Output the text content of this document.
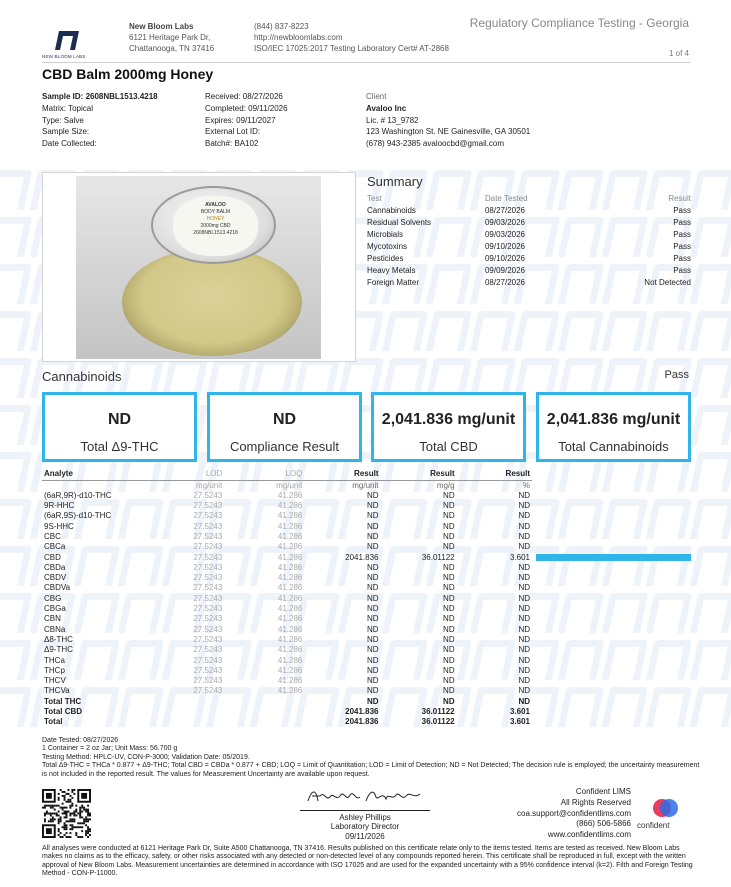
NEW BLOOM LABS
New Bloom Labs
6121 Heritage Park Dr,
Chattanooga, TN 37416
(844) 837-8223
http://newbloomlabs.com
ISO/IEC 17025:2017 Testing Laboratory Cert# AT-2868
Regulatory Compliance Testing - Georgia
1 of 4
CBD Balm 2000mg Honey
Sample ID: 2608NBL1513.4218
Matrix: Topical
Type: Salve
Sample Size:
Date Collected:
Received: 08/27/2026
Completed: 09/11/2026
Expires: 09/11/2027
External Lot ID:
Batch#: BA102
Client
Avaloo Inc
Lic. # 13_9782
123 Washington St. NE Gainesville, GA 30501
(678) 943-2385 avaloocbd@gmail.com
AVALOO
BODY BALM
HONEY
2000mg CBD
2608NBL1513.4218
Summary
Test	Date Tested	Result
Cannabinoids	08/27/2026	Pass
Residual Solvents	09/03/2026	Pass
Microbials	09/03/2026	Pass
Mycotoxins	09/10/2026	Pass
Pesticides	09/10/2026	Pass
Heavy Metals	09/09/2026	Pass
Foreign Matter	08/27/2026	Not Detected
Cannabinoids	Pass
ND
Total Δ9-THC
ND
Compliance Result
2,041.836 mg/unit
Total CBD
2,041.836 mg/unit
Total Cannabinoids
Analyte	LOD	LOQ	Result	Result	Result
	mg/unit	mg/unit	mg/unit	mg/g	%
(6aR,9R)-d10-THC	27.5243	41.286	ND	ND	ND
9R-HHC	27.5243	41.286	ND	ND	ND
(6aR,9S)-d10-THC	27.5243	41.286	ND	ND	ND
9S-HHC	27.5243	41.286	ND	ND	ND
CBC	27.5243	41.286	ND	ND	ND
CBCa	27.5243	41.286	ND	ND	ND
CBD	27.5243	41.286	2041.836	36.01122	3.601
CBDa	27.5243	41.286	ND	ND	ND
CBDV	27.5243	41.286	ND	ND	ND
CBDVa	27.5243	41.286	ND	ND	ND
CBG	27.5243	41.286	ND	ND	ND
CBGa	27.5243	41.286	ND	ND	ND
CBN	27.5243	41.286	ND	ND	ND
CBNa	27.5243	41.286	ND	ND	ND
Δ8-THC	27.5243	41.286	ND	ND	ND
Δ9-THC	27.5243	41.286	ND	ND	ND
THCa	27.5243	41.286	ND	ND	ND
THCp	27.5243	41.286	ND	ND	ND
THCV	27.5243	41.286	ND	ND	ND
THCVa	27.5243	41.286	ND	ND	ND
Total THC			ND	ND	ND
Total CBD			2041.836	36.01122	3.601
Total			2041.836	36.01122	3.601
Date Tested: 08/27/2026
1 Container = 2 oz Jar; Unit Mass: 56.700 g
Testing Method: HPLC-UV, CON-P-3000; Validation Date: 05/2019.
Total Δ9-THC = THCa * 0.877 + Δ9-THC; Total CBD = CBDa * 0.877 + CBD; LOQ = Limit of Quantitation; LOD = Limit of Detection; ND = Not Detected; The decision rule is employed; the uncertainty measurement is not included in the reported result. The values for Measurement Uncertainty are available upon request.
Ashley Phillips
Laboratory Director
09/11/2026
Confident LIMS
All Rights Reserved
coa.support@confidentlims.com
(866) 506-5866
www.confidentlims.com
confident
All analyses were conducted at 6121 Heritage Park Dr, Suite A500 Chattanooga, TN 37416. Results published on this certificate relate only to the items tested. Items are tested as received. New Bloom Labs makes no claims as to the efficacy, safety, or other risks associated with any detected or non-detected level of any compounds reported herein. This certificate shall be reproduced in full, except with the written approval of New Bloom Labs. Measurement uncertainties are determined in accordance with ISO 17025 and are used for the expanded uncertainty with a 95% confidence interval (k=2). Filth and Foreign Testing Method - CON-P-11000.
